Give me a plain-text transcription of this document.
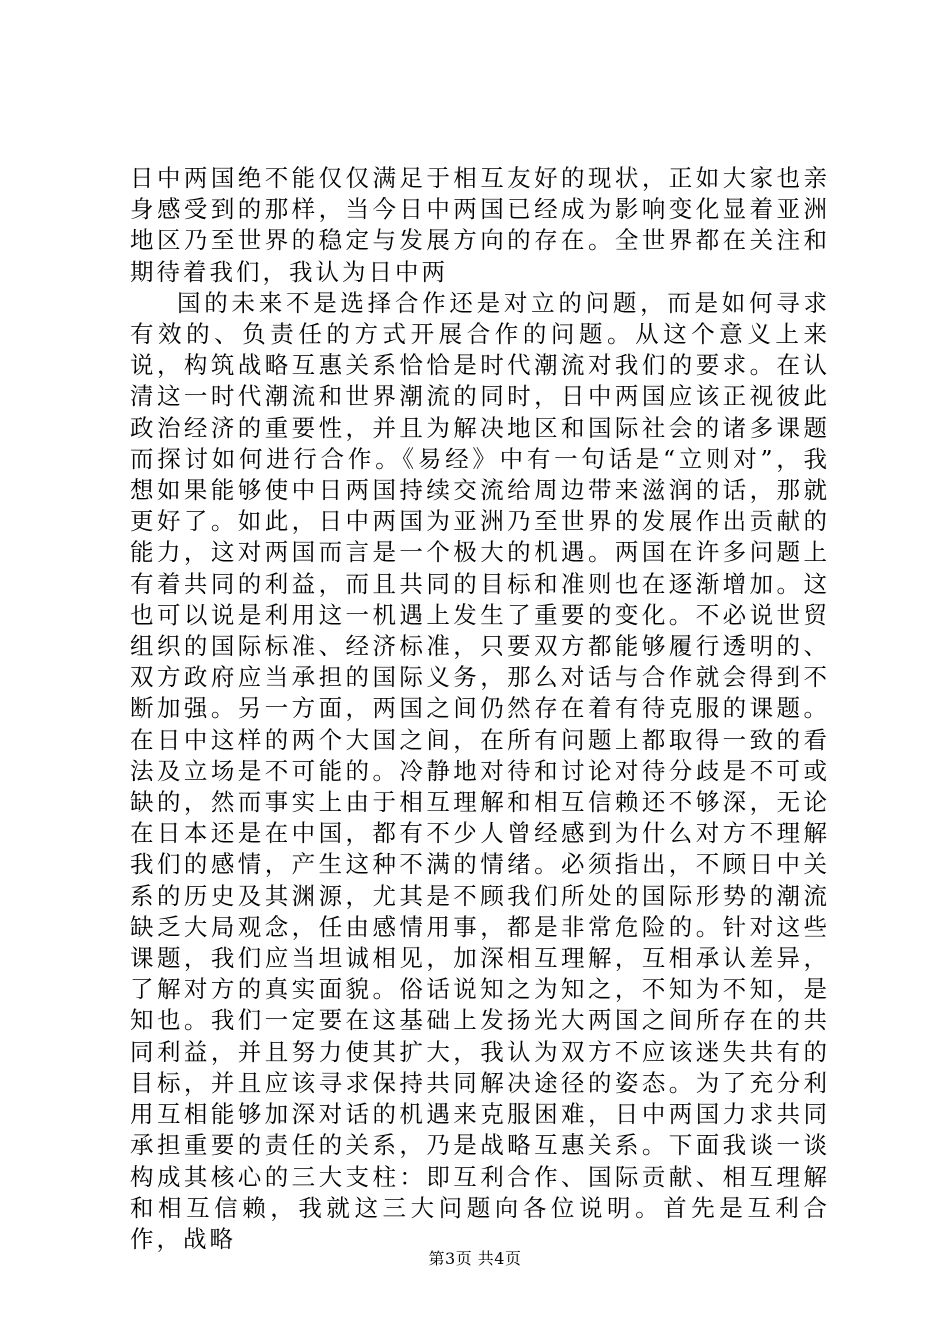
日中两国绝不能仅仅满足于相互友好的现状，正如大家也亲身感受到的那样，当今日中两国已经成为影响变化显着亚洲地区乃至世界的稳定与发展方向的存在。全世界都在关注和期待着我们，我认为日中两

国的未来不是选择合作还是对立的问题，而是如何寻求有效的、负责任的方式开展合作的问题。从这个意义上来说，构筑战略互惠关系恰恰是时代潮流对我们的要求。在认清这一时代潮流和世界潮流的同时，日中两国应该正视彼此政治经济的重要性，并且为解决地区和国际社会的诸多课题而探讨如何进行合作。《易经》中有一句话是“立则对”，我想如果能够使中日两国持续交流给周边带来滋润的话，那就更好了。如此，日中两国为亚洲乃至世界的发展作出贡献的能力，这对两国而言是一个极大的机遇。两国在许多问题上有着共同的利益，而且共同的目标和准则也在逐渐增加。这也可以说是利用这一机遇上发生了重要的变化。不必说世贸组织的国际标准、经济标准，只要双方都能够履行透明的、双方政府应当承担的国际义务，那么对话与合作就会得到不断加强。另一方面，两国之间仍然存在着有待克服的课题。在日中这样的两个大国之间，在所有问题上都取得一致的看法及立场是不可能的。冷静地对待和讨论对待分歧是不可或缺的，然而事实上由于相互理解和相互信赖还不够深，无论在日本还是在中国，都有不少人曾经感到为什么对方不理解我们的感情，产生这种不满的情绪。必须指出，不顾日中关系的历史及其渊源，尤其是不顾我们所处的国际形势的潮流缺乏大局观念，任由感情用事，都是非常危险的。针对这些课题，我们应当坦诚相见，加深相互理解，互相承认差异，了解对方的真实面貌。俗话说知之为知之，不知为不知，是知也。我们一定要在这基础上发扬光大两国之间所存在的共同利益，并且努力使其扩大，我认为双方不应该迷失共有的目标，并且应该寻求保持共同解决途径的姿态。为了充分利用互相能够加深对话的机遇来克服困难，日中两国力求共同承担重要的责任的关系，乃是战略互惠关系。下面我谈一谈构成其核心的三大支柱：即互利合作、国际贡献、相互理解和相互信赖，我就这三大问题向各位说明。首先是互利合作，战略

第3页 共4页
